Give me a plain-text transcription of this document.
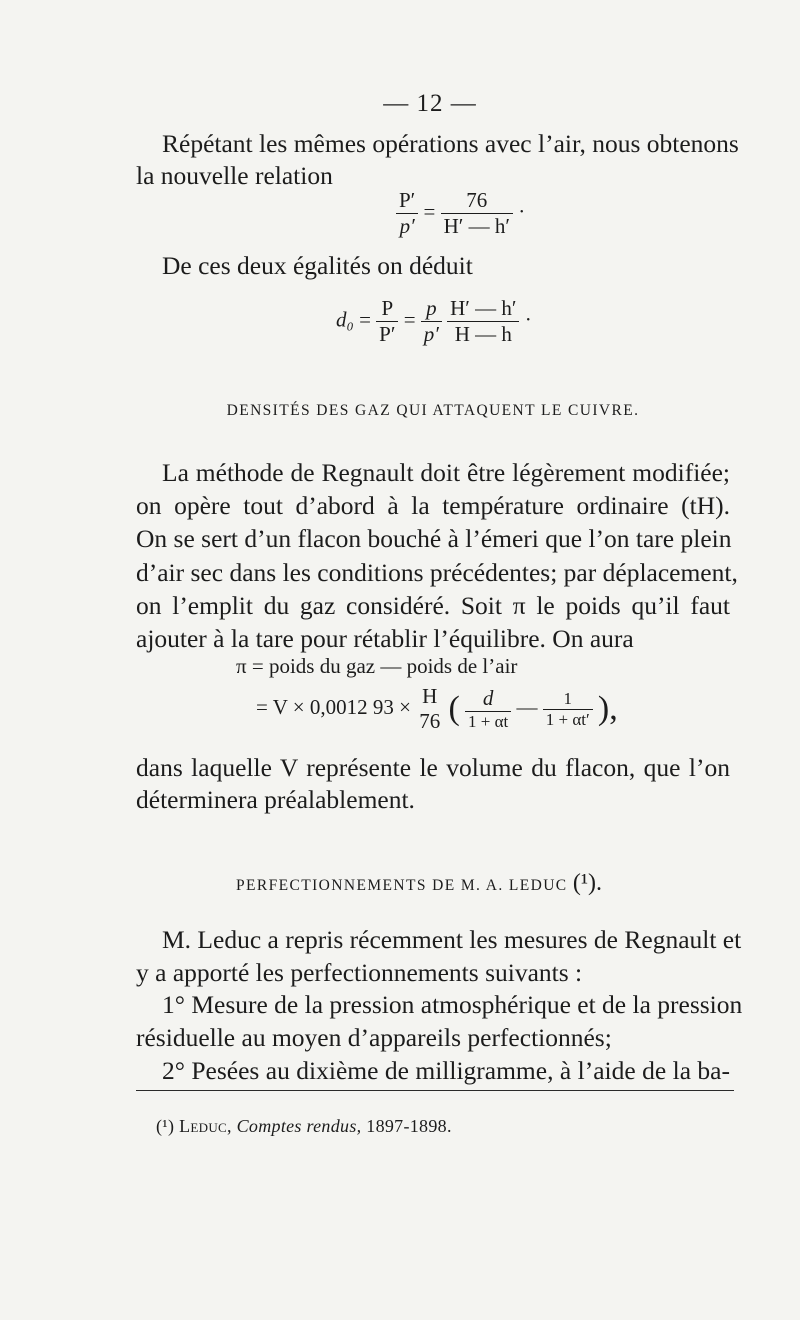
— 12 —

Répétant les mêmes opérations avec l’air, nous obtenons
la nouvelle relation

$\frac{P'}{p'} = \frac{76}{H' — h'}$ ·

De ces deux égalités on déduit

$d_0 = \frac{P}{P'} = \frac{p}{p'}$
$\frac{H' — h'}{H — h}$ ·
DENSITÉS DES GAZ QUI ATTAQUENT LE CUIVRE.

La méthode de Regnault doit être légèrement modifiée;
on opère tout d’abord à la température ordinaire (tH).
On se sert d’un flacon bouché à l’émeri que l’on tare plein
d’air sec dans les conditions précédentes; par déplacement,
on l’emplit du gaz considéré. Soit π le poids qu’il faut
ajouter à la tare pour rétablir l’équilibre. On aura

π = poids du gaz — poids de l’air
= V × 0,0012 93 × H
76 ( $\frac{d}{1 + \alpha t}$ — $\frac{1}{1 + \alpha t'}$ ),

dans laquelle V représente le volume du flacon, que l’on
déterminera préalablement.

PERFECTIONNEMENTS DE M. A. LEDUC (¹).

M. Leduc a repris récemment les mesures de Regnault et
y a apporté les perfectionnements suivants :
1° Mesure de la pression atmosphérique et de la pression
résiduelle au moyen d’appareils perfectionnés;
2° Pesées au dixième de milligramme, à l’aide de la ba-

(¹) Leduc, Comptes rendus, 1897-1898.
